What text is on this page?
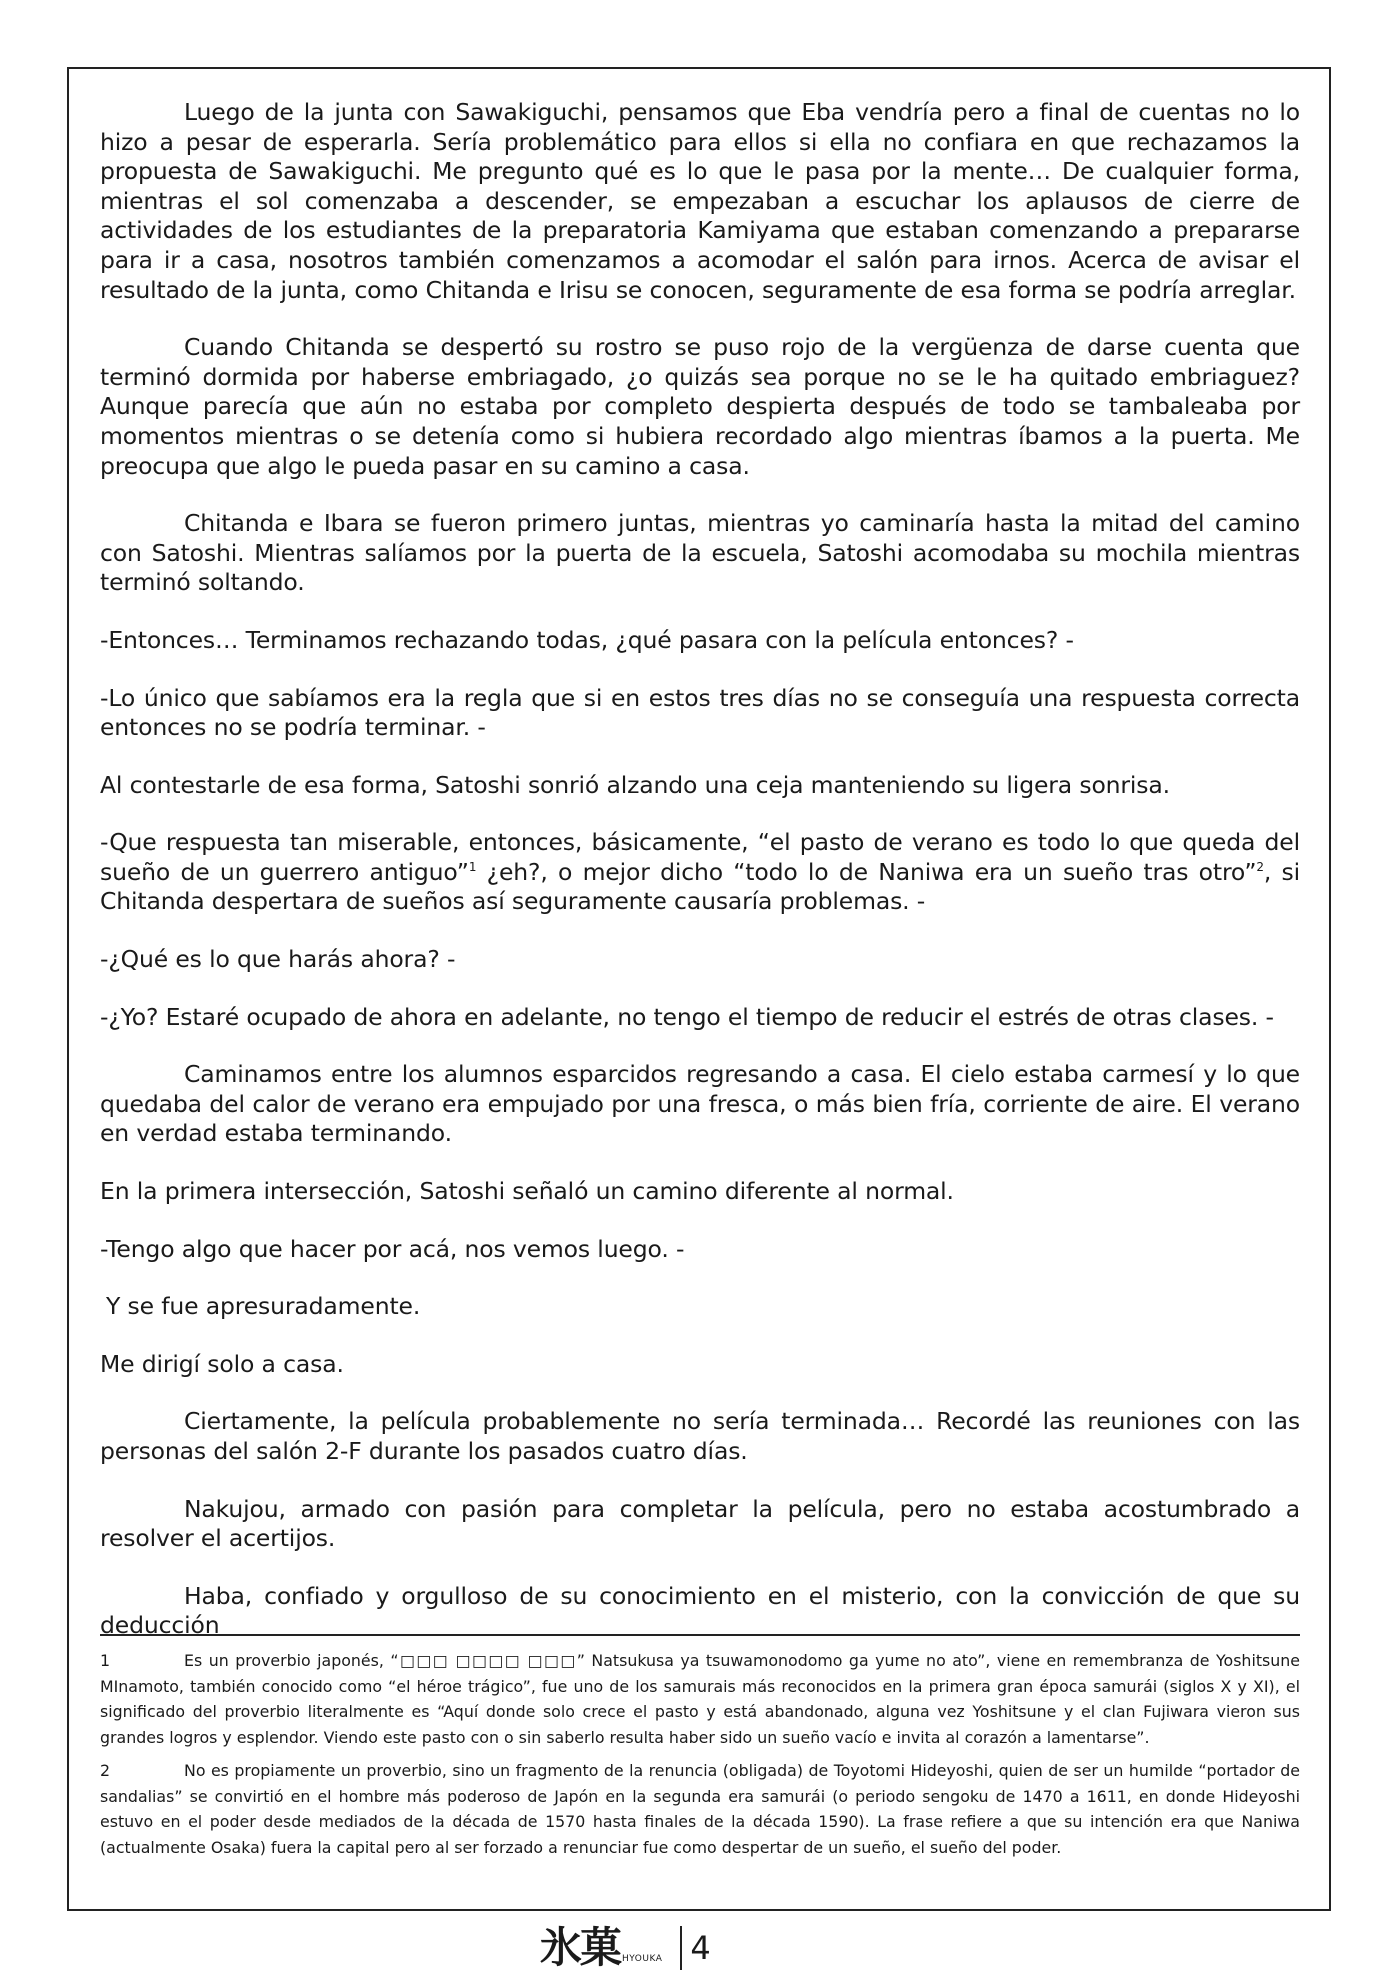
Luego de la junta con Sawakiguchi, pensamos que Eba vendría pero a final de cuentas no lo hizo a pesar de esperarla. Sería problemático para ellos si ella no confiara en que rechazamos la propuesta de Sawakiguchi. Me pregunto qué es lo que le pasa por la mente… De cualquier forma, mientras el sol comenzaba a descender, se empezaban a escuchar los aplausos de cierre de actividades de los estudiantes de la preparatoria Kamiyama que estaban comenzando a prepararse para ir a casa, nosotros también comenzamos a acomodar el salón para irnos. Acerca de avisar el resultado de la junta, como Chitanda e Irisu se conocen, seguramente de esa forma se podría arreglar.

Cuando Chitanda se despertó su rostro se puso rojo de la vergüenza de darse cuenta que terminó dormida por haberse embriagado, ¿o quizás sea porque no se le ha quitado embriaguez? Aunque parecía que aún no estaba por completo despierta después de todo se tambaleaba por momentos mientras o se detenía como si hubiera recordado algo mientras íbamos a la puerta. Me preocupa que algo le pueda pasar en su camino a casa.

Chitanda e Ibara se fueron primero juntas, mientras yo caminaría hasta la mitad del camino con Satoshi. Mientras salíamos por la puerta de la escuela, Satoshi acomodaba su mochila mientras terminó soltando.

-Entonces… Terminamos rechazando todas, ¿qué pasara con la película entonces? -

-Lo único que sabíamos era la regla que si en estos tres días no se conseguía una respuesta correcta entonces no se podría terminar. -

Al contestarle de esa forma, Satoshi sonrió alzando una ceja manteniendo su ligera sonrisa.

-Que respuesta tan miserable, entonces, básicamente, “el pasto de verano es todo lo que queda del sueño de un guerrero antiguo”$^1$ ¿eh?, o mejor dicho “todo lo de Naniwa era un sueño tras otro”$^2$, si Chitanda despertara de sueños así seguramente causaría problemas. -

-¿Qué es lo que harás ahora? -

-¿Yo? Estaré ocupado de ahora en adelante, no tengo el tiempo de reducir el estrés de otras clases. -

Caminamos entre los alumnos esparcidos regresando a casa. El cielo estaba carmesí y lo que quedaba del calor de verano era empujado por una fresca, o más bien fría, corriente de aire. El verano en verdad estaba terminando.

En la primera intersección, Satoshi señaló un camino diferente al normal.

-Tengo algo que hacer por acá, nos vemos luego. -

Y se fue apresuradamente.

Me dirigí solo a casa.

Ciertamente, la película probablemente no sería terminada… Recordé las reuniones con las personas del salón 2-F durante los pasados cuatro días.

Nakujou, armado con pasión para completar la película, pero no estaba acostumbrado a resolver el acertijos.

Haba, confiado y orgulloso de su conocimiento en el misterio, con la convicción de que su deducción

1	Es un proverbio japonés, “□□□ □□□□ □□□” Natsukusa ya tsuwamonodomo ga yume no ato”, viene en remembranza de Yoshitsune MInamoto, también conocido como “el héroe trágico”, fue uno de los samurais más reconocidos en la primera gran época samurái (siglos X y XI), el significado del proverbio literalmente es “Aquí donde solo crece el pasto y está abandonado, alguna vez Yoshitsune y el clan Fujiwara vieron sus grandes logros y esplendor. Viendo este pasto con o sin saberlo resulta haber sido un sueño vacío e invita al corazón a lamentarse”.
2	No es propiamente un proverbio, sino un fragmento de la renuncia (obligada) de Toyotomi Hideyoshi, quien de ser un humilde “portador de sandalias” se convirtió en el hombre más poderoso de Japón en la segunda era samurái (o periodo sengoku de 1470 a 1611, en donde Hideyoshi estuvo en el poder desde mediados de la década de 1570 hasta finales de la década 1590). La frase refiere a que su intención era que Naniwa (actualmente Osaka) fuera la capital pero al ser forzado a renunciar fue como despertar de un sueño, el sueño del poder.
氷菓 HYOUKA 4
